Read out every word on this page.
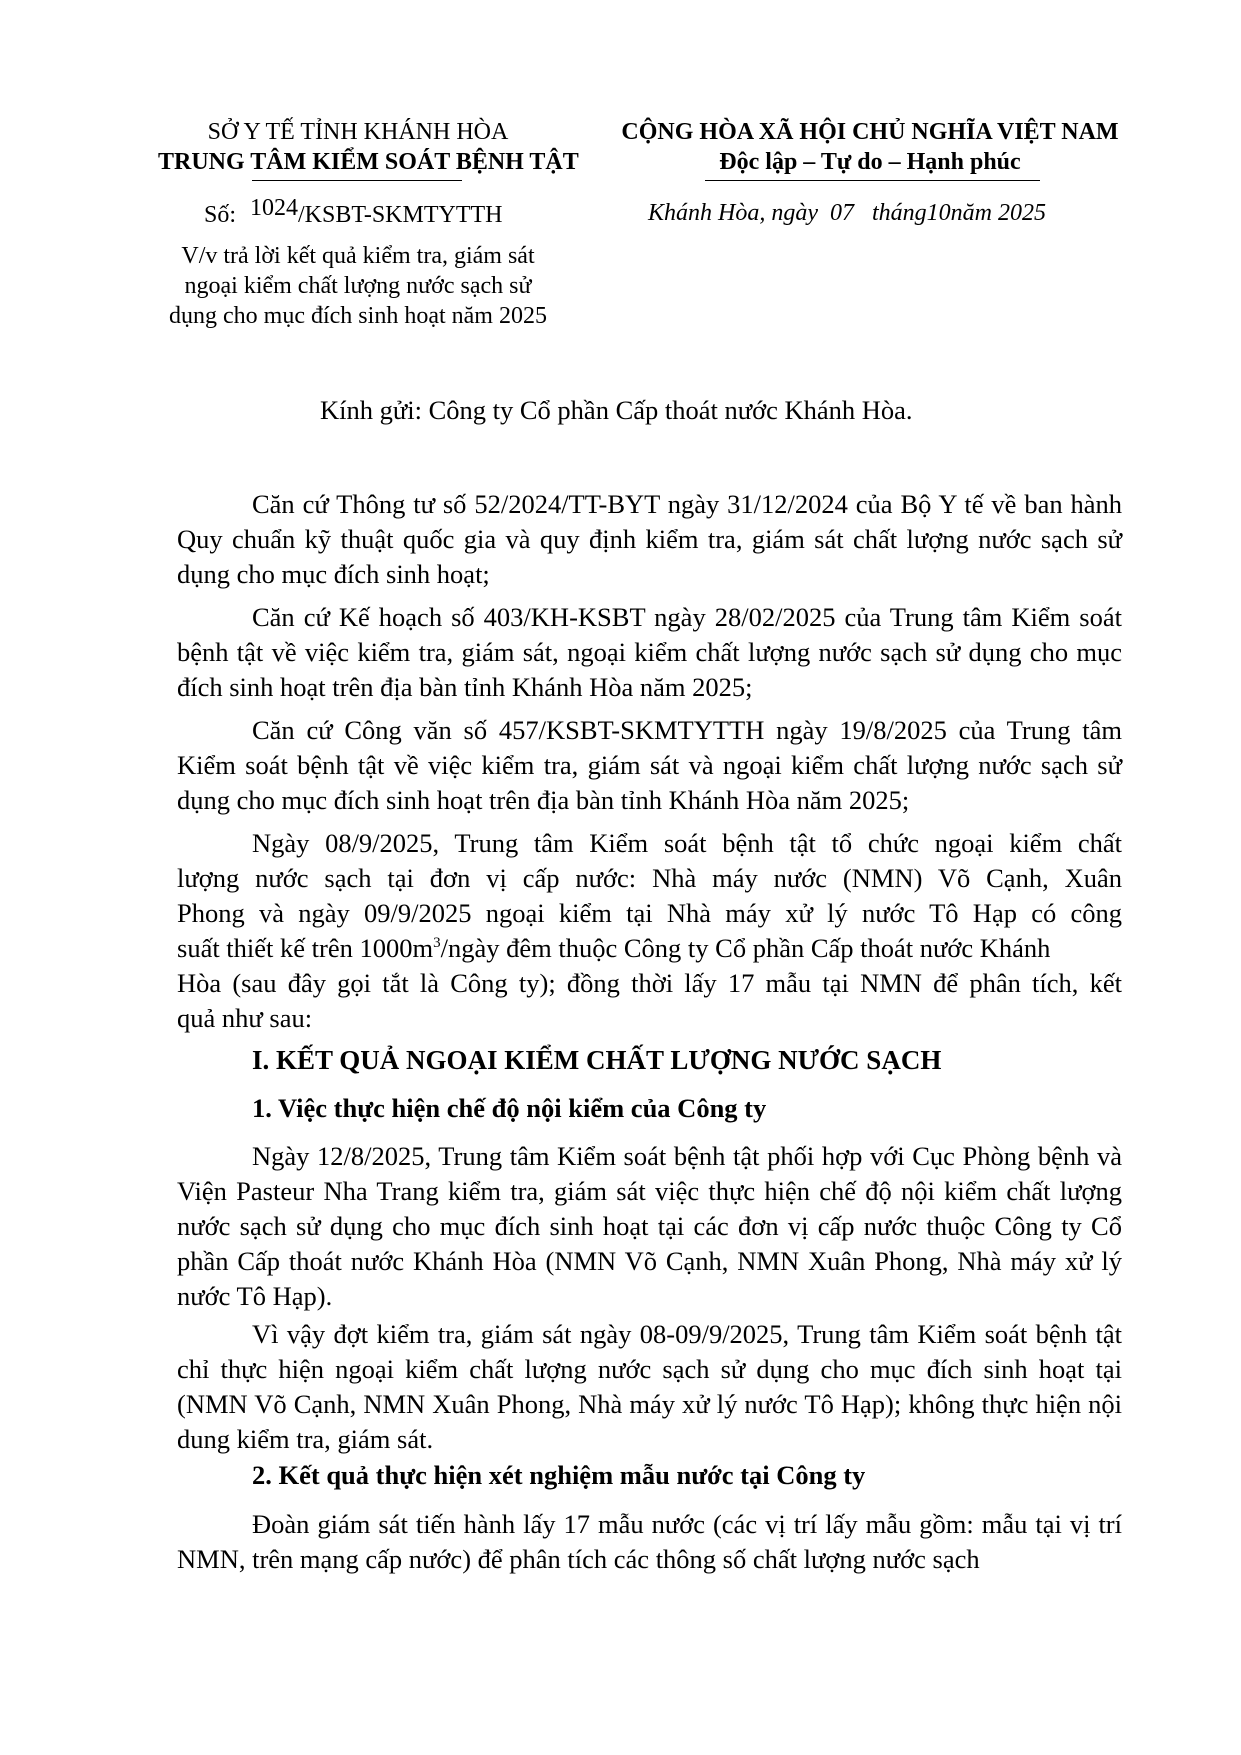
SỞ Y TẾ TỈNH KHÁNH HÒA
TRUNG TÂM KIỂM SOÁT BỆNH TẬT
Số: 1024/KSBT-SKMTYTTH
V/v trả lời kết quả kiểm tra, giám sát
ngoại kiểm chất lượng nước sạch sử
dụng cho mục đích sinh hoạt năm 2025
CỘNG HÒA XÃ HỘI CHỦ NGHĨA VIỆT NAM
Độc lập – Tự do – Hạnh phúc
Khánh Hòa, ngày 07 tháng10năm 2025
Kính gửi: Công ty Cổ phần Cấp thoát nước Khánh Hòa.
Căn cứ Thông tư số 52/2024/TT-BYT ngày 31/12/2024 của Bộ Y tế về ban hành Quy chuẩn kỹ thuật quốc gia và quy định kiểm tra, giám sát chất lượng nước sạch sử dụng cho mục đích sinh hoạt;
Căn cứ Kế hoạch số 403/KH-KSBT ngày 28/02/2025 của Trung tâm Kiểm soát bệnh tật về việc kiểm tra, giám sát, ngoại kiểm chất lượng nước sạch sử dụng cho mục đích sinh hoạt trên địa bàn tỉnh Khánh Hòa năm 2025;
Căn cứ Công văn số 457/KSBT-SKMTYTTH ngày 19/8/2025 của Trung tâm Kiểm soát bệnh tật về việc kiểm tra, giám sát và ngoại kiểm chất lượng nước sạch sử dụng cho mục đích sinh hoạt trên địa bàn tỉnh Khánh Hòa năm 2025;
Ngày 08/9/2025, Trung tâm Kiểm soát bệnh tật tổ chức ngoại kiểm chất
lượng nước sạch tại đơn vị cấp nước: Nhà máy nước (NMN) Võ Cạnh, Xuân
Phong và ngày 09/9/2025 ngoại kiểm tại Nhà máy xử lý nước Tô Hạp có công
suất thiết kế trên $1000m^3$/ngày đêm thuộc Công ty Cổ phần Cấp thoát nước Khánh
Hòa (sau đây gọi tắt là Công ty); đồng thời lấy 17 mẫu tại NMN để phân tích, kết
quả như sau:
I. KẾT QUẢ NGOẠI KIỂM CHẤT LƯỢNG NƯỚC SẠCH
1. Việc thực hiện chế độ nội kiểm của Công ty
Ngày 12/8/2025, Trung tâm Kiểm soát bệnh tật phối hợp với Cục Phòng bệnh và Viện Pasteur Nha Trang kiểm tra, giám sát việc thực hiện chế độ nội kiểm chất lượng nước sạch sử dụng cho mục đích sinh hoạt tại các đơn vị cấp nước thuộc Công ty Cổ phần Cấp thoát nước Khánh Hòa (NMN Võ Cạnh, NMN Xuân Phong, Nhà máy xử lý nước Tô Hạp).
Vì vậy đợt kiểm tra, giám sát ngày 08-09/9/2025, Trung tâm Kiểm soát bệnh tật chỉ thực hiện ngoại kiểm chất lượng nước sạch sử dụng cho mục đích sinh hoạt tại (NMN Võ Cạnh, NMN Xuân Phong, Nhà máy xử lý nước Tô Hạp); không thực hiện nội dung kiểm tra, giám sát.
2. Kết quả thực hiện xét nghiệm mẫu nước tại Công ty
Đoàn giám sát tiến hành lấy 17 mẫu nước (các vị trí lấy mẫu gồm: mẫu tại vị trí NMN, trên mạng cấp nước) để phân tích các thông số chất lượng nước sạch
